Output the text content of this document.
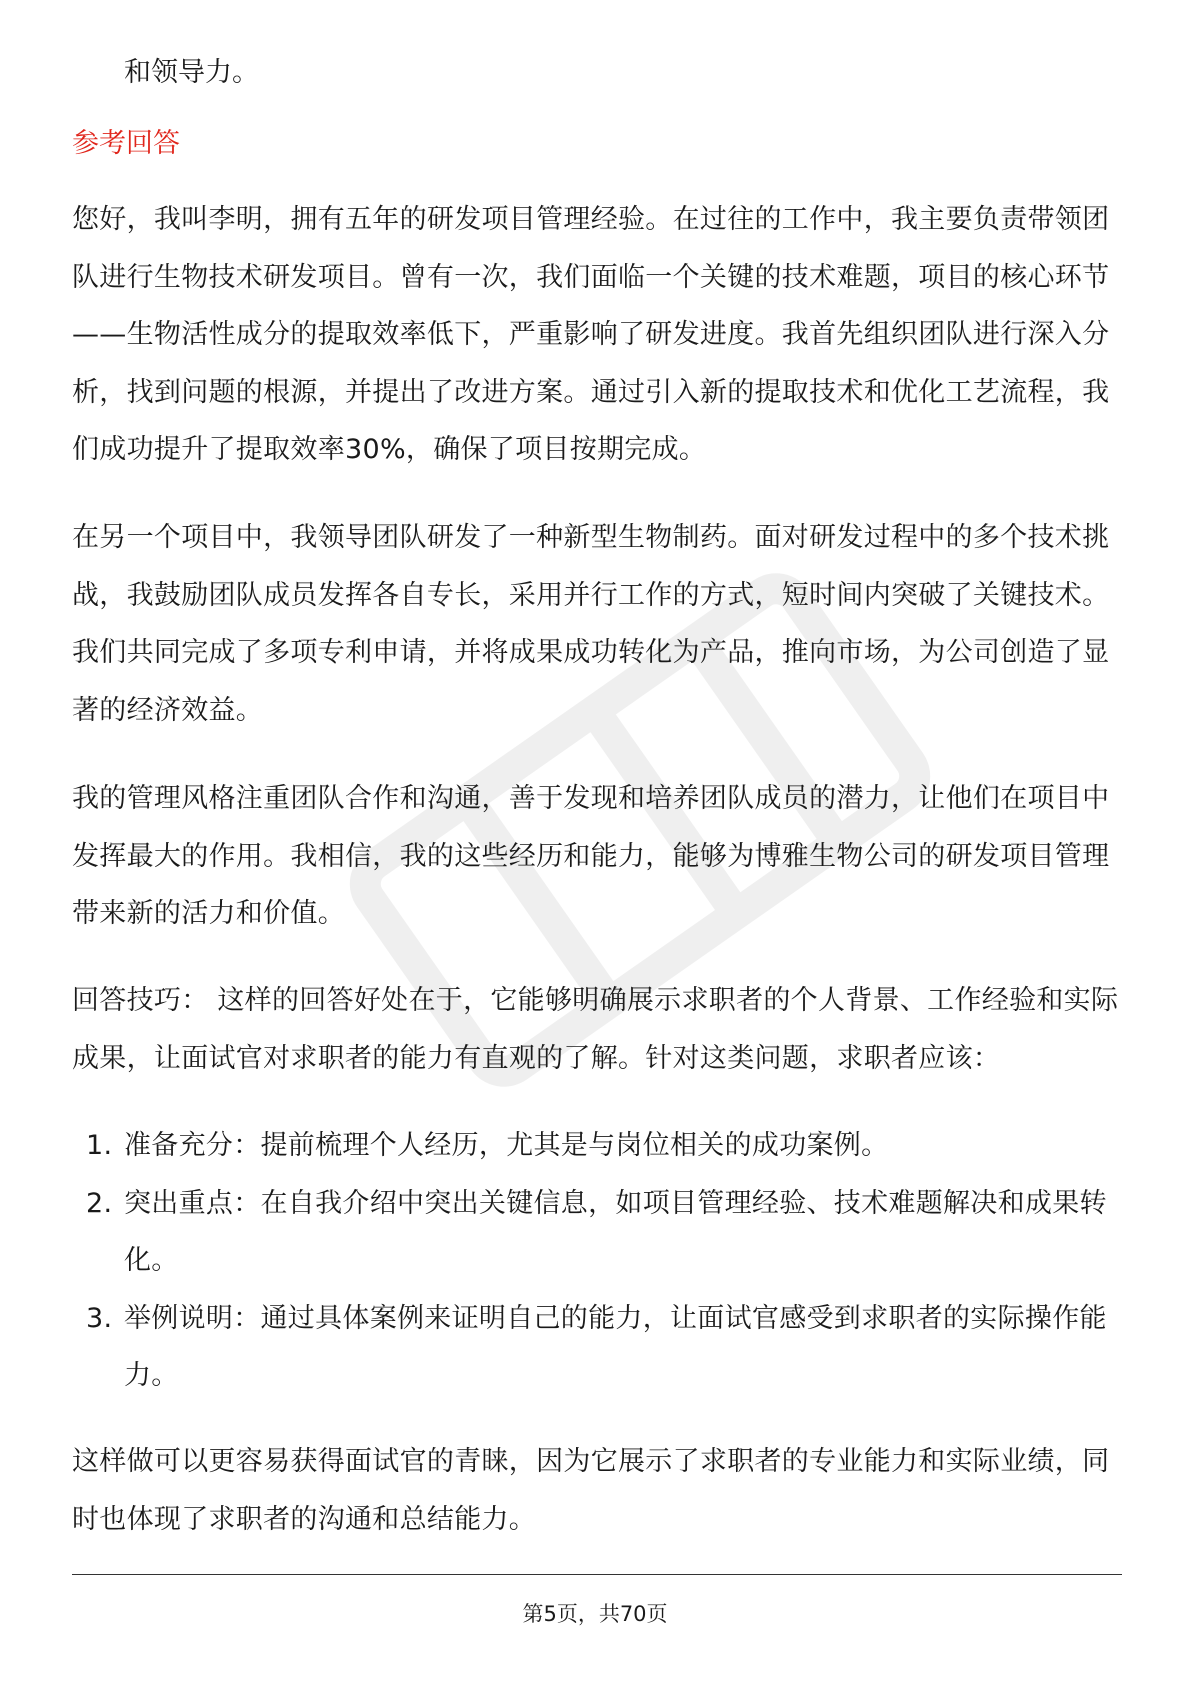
和领导力。
参考回答

您好，我叫李明，拥有五年的研发项目管理经验。在过往的工作中，我主要负责带领团队进行生物技术研发项目。曾有一次，我们面临一个关键的技术难题，项目的核心环节——生物活性成分的提取效率低下，严重影响了研发进度。我首先组织团队进行深入分析，找到问题的根源，并提出了改进方案。通过引入新的提取技术和优化工艺流程，我们成功提升了提取效率30%，确保了项目按期完成。

在另一个项目中，我领导团队研发了一种新型生物制药。面对研发过程中的多个技术挑战，我鼓励团队成员发挥各自专长，采用并行工作的方式，短时间内突破了关键技术。我们共同完成了多项专利申请，并将成果成功转化为产品，推向市场，为公司创造了显著的经济效益。

我的管理风格注重团队合作和沟通，善于发现和培养团队成员的潜力，让他们在项目中发挥最大的作用。我相信，我的这些经历和能力，能够为博雅生物公司的研发项目管理带来新的活力和价值。

回答技巧： 这样的回答好处在于，它能够明确展示求职者的个人背景、工作经验和实际成果，让面试官对求职者的能力有直观的了解。针对这类问题，求职者应该：

1. 准备充分：提前梳理个人经历，尤其是与岗位相关的成功案例。
2. 突出重点：在自我介绍中突出关键信息，如项目管理经验、技术难题解决和成果转化。
3. 举例说明：通过具体案例来证明自己的能力，让面试官感受到求职者的实际操作能力。

这样做可以更容易获得面试官的青睐，因为它展示了求职者的专业能力和实际业绩，同时也体现了求职者的沟通和总结能力。

第5页，共70页
